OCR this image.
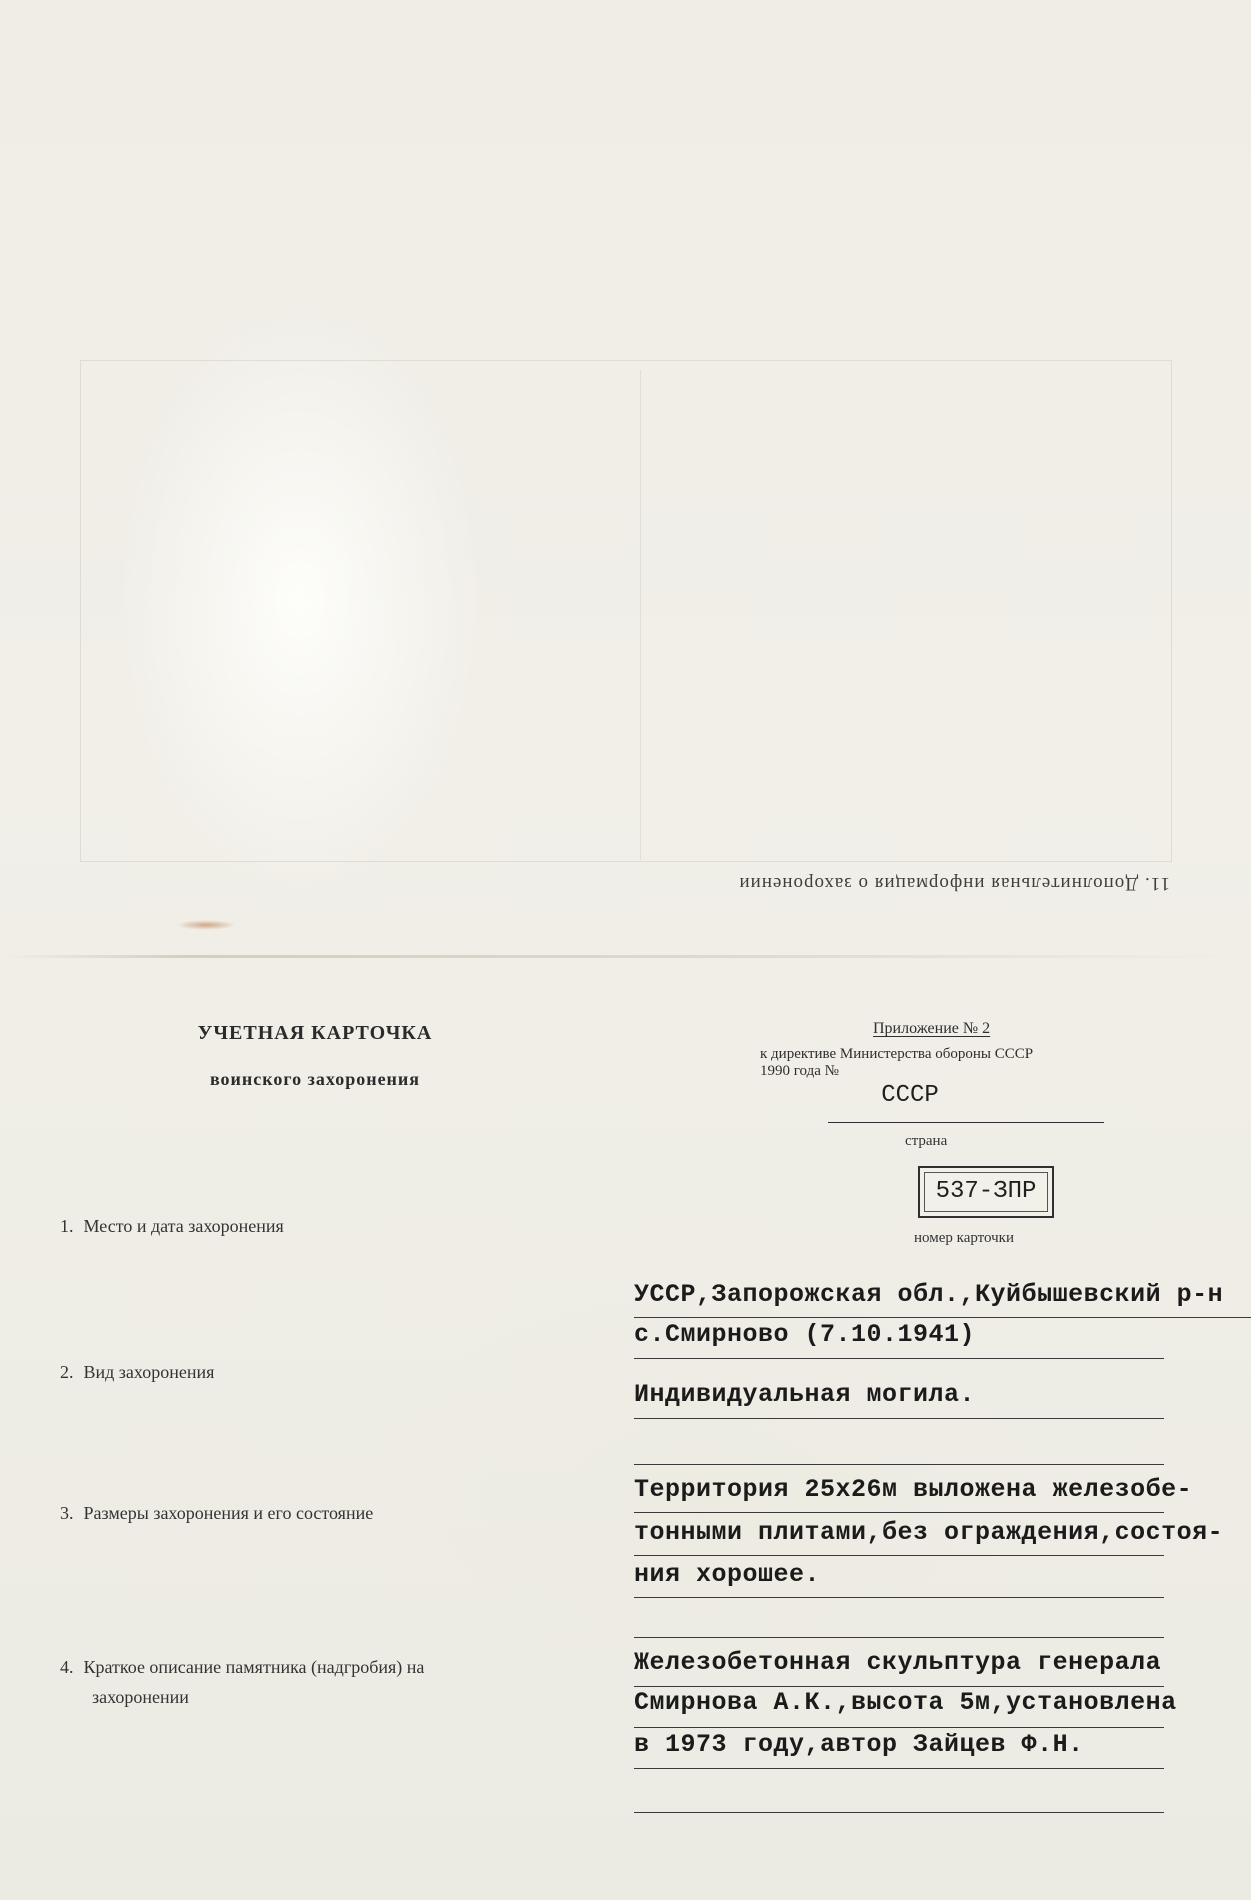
11. Дополнительная информация о захоронении
УЧЕТНАЯ КАРТОЧКА
воинского захоронения
Приложение № 2
к директиве Министерства обороны СССР
1990 года №
СССР
страна
537-ЗПР
номер карточки
1. Место и дата захоронения
УССР,Запорожская обл.,Куйбышевский р-н
с.Смирново (7.10.1941)
2. Вид захоронения
Индивидуальная могила.
3. Размеры захоронения и его состояние
Территория 25х26м выложена железобе-
тонными плитами,без ограждения,состоя-
ния хорошее.
4. Краткое описание памятника (надгробия) на
захоронении
Железобетонная скульптура генерала
Смирнова А.К.,высота 5м,установлена
в 1973 году,автор Зайцев Ф.Н.
